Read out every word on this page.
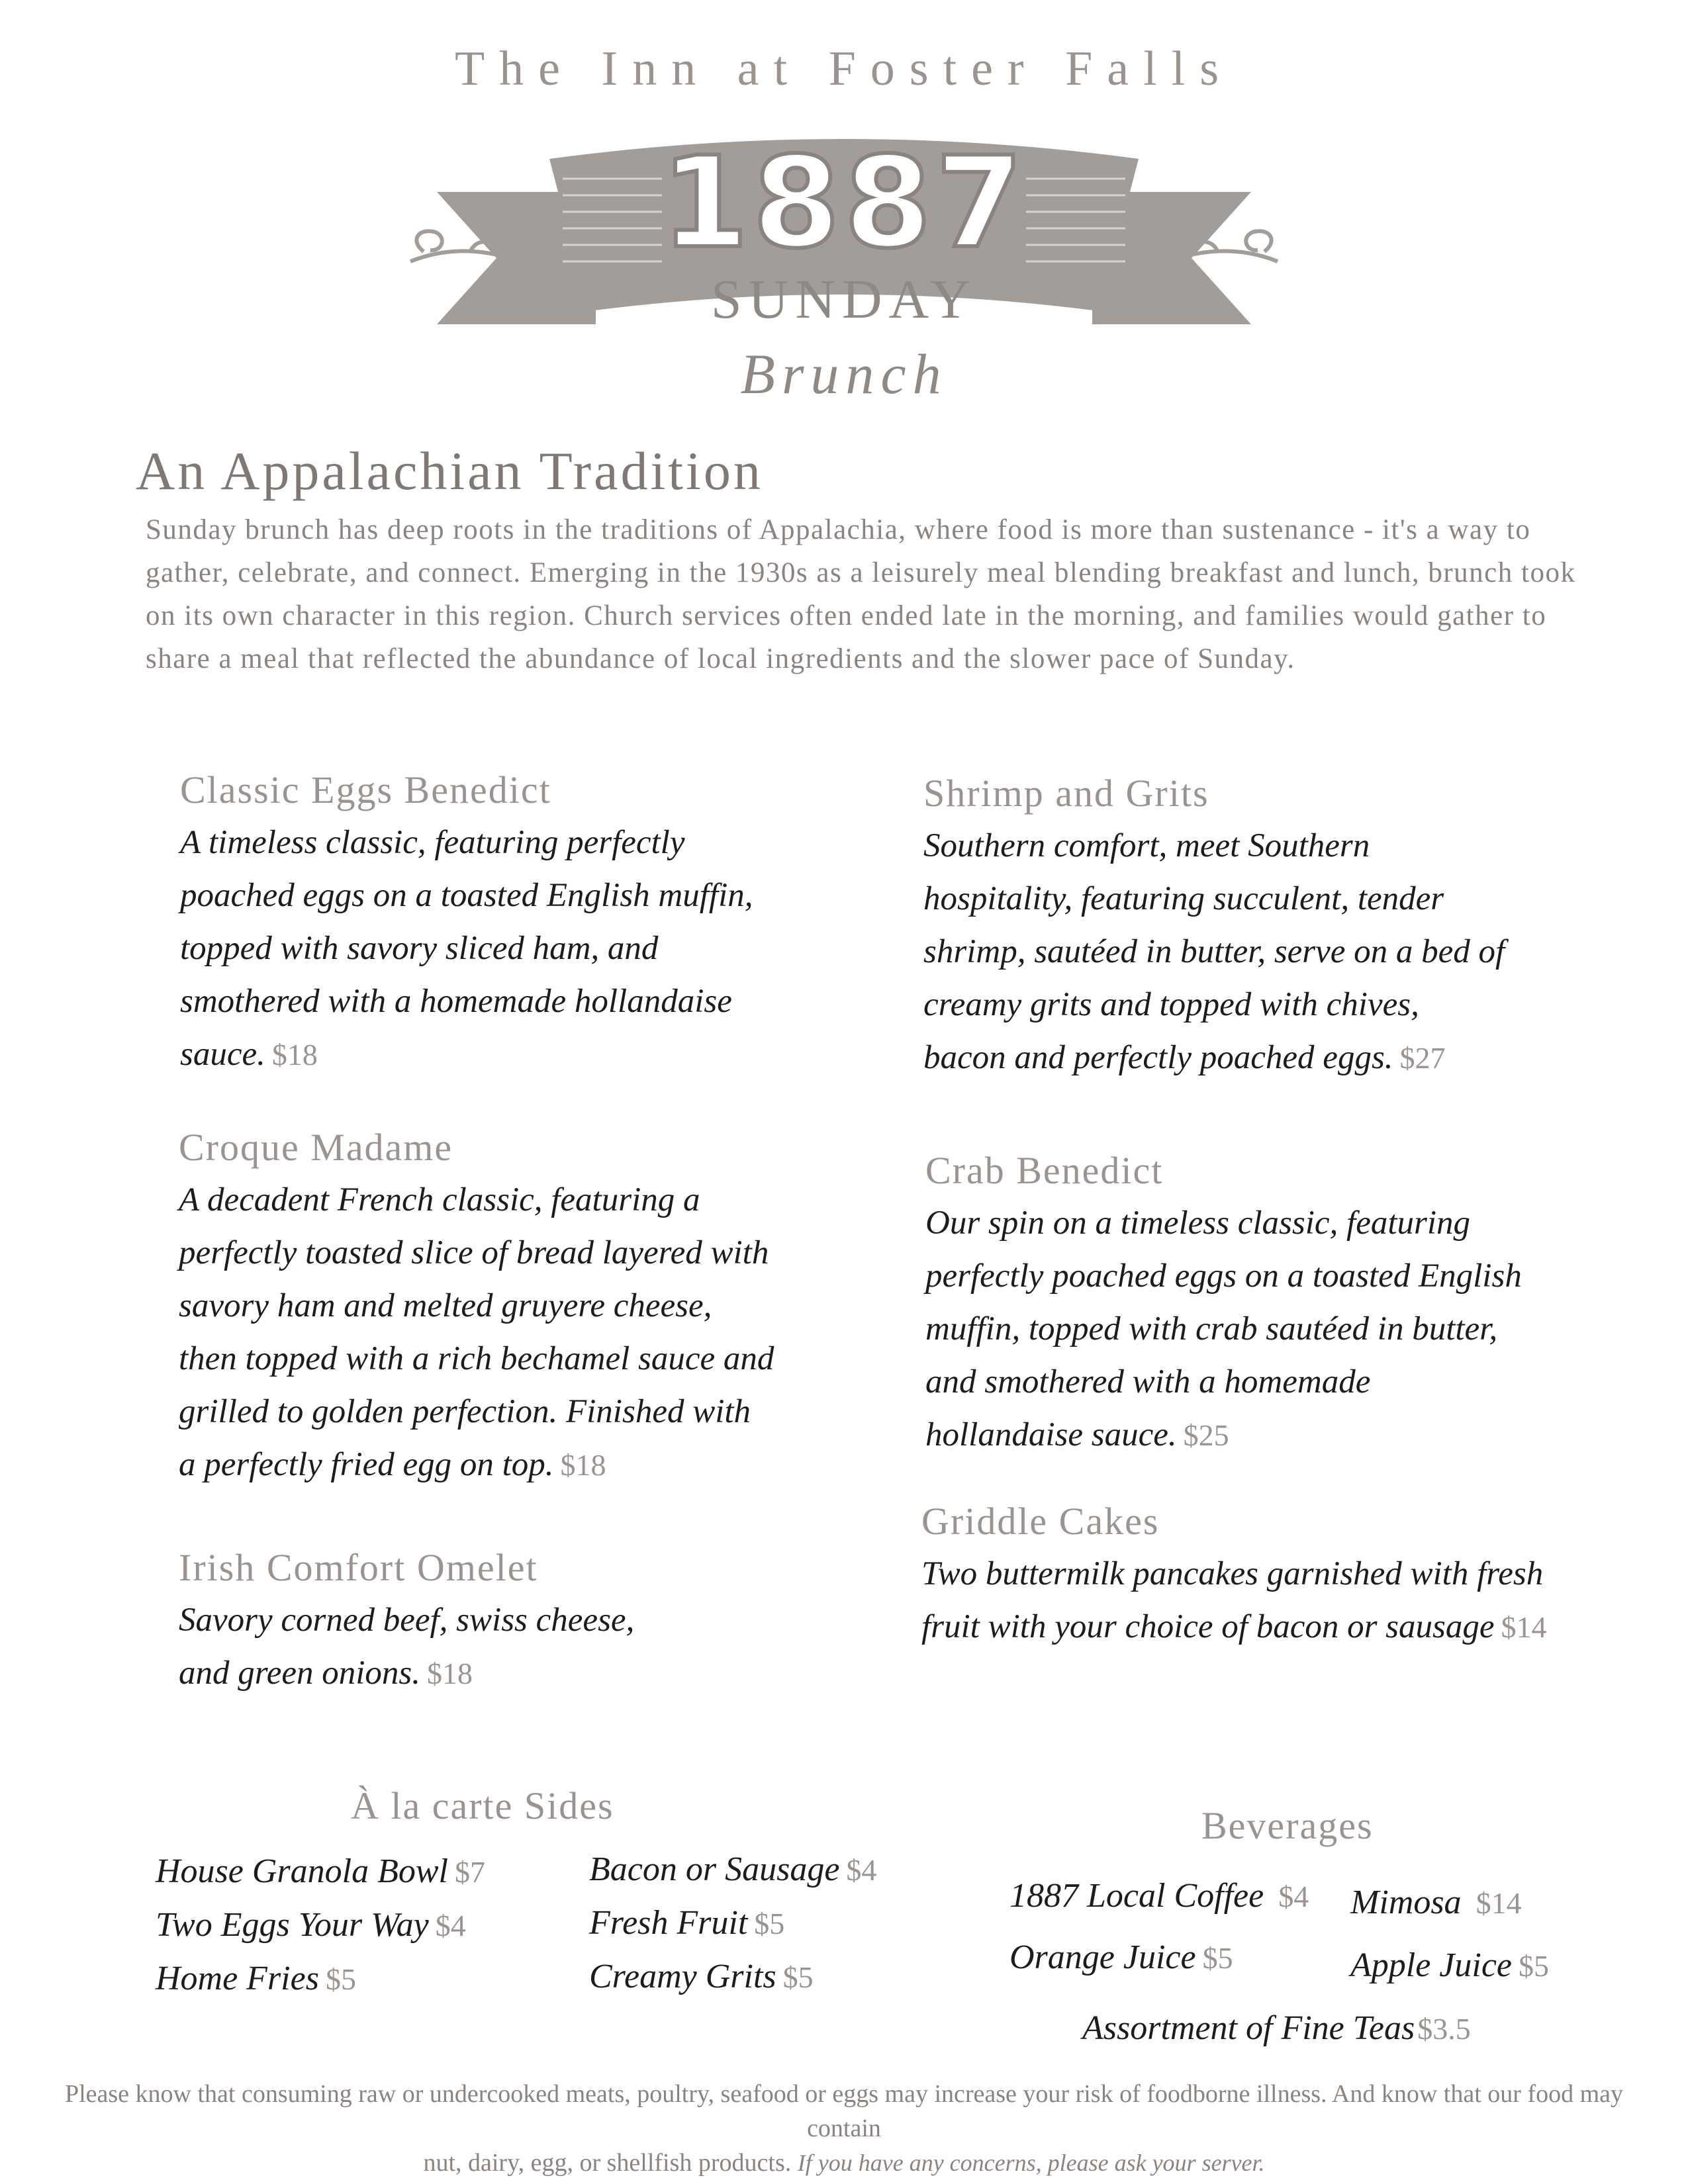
The Inn at Foster Falls
1887
SUNDAY
Brunch
An Appalachian Tradition
Sunday brunch has deep roots in the traditions of Appalachia, where food is more than sustenance - it's a way to gather, celebrate, and connect. Emerging in the 1930s as a leisurely meal blending breakfast and lunch, brunch took on its own character in this region. Church services often ended late in the morning, and families would gather to share a meal that reflected the abundance of local ingredients and the slower pace of Sunday.
Classic Eggs Benedict
A timeless classic, featuring perfectly poached eggs on a toasted English muffin, topped with savory sliced ham, and smothered with a homemade hollandaise sauce. $18
Croque Madame
A decadent French classic, featuring a perfectly toasted slice of bread layered with savory ham and melted gruyere cheese, then topped with a rich bechamel sauce and grilled to golden perfection. Finished with a perfectly fried egg on top. $18
Irish Comfort Omelet
Savory corned beef, swiss cheese, and green onions. $18
Shrimp and Grits
Southern comfort, meet Southern hospitality, featuring succulent, tender shrimp, sautéed in butter, serve on a bed of creamy grits and topped with chives, bacon and perfectly poached eggs. $27
Crab Benedict
Our spin on a timeless classic, featuring perfectly poached eggs on a toasted English muffin, topped with crab sautéed in butter, and smothered with a homemade hollandaise sauce. $25
Griddle Cakes
Two buttermilk pancakes garnished with fresh fruit with your choice of bacon or sausage $14
À la carte Sides
House Granola Bowl $7
Two Eggs Your Way $4
Home Fries $5
Bacon or Sausage $4
Fresh Fruit $5
Creamy Grits $5
Beverages
1887 Local Coffee $4 Mimosa $14
Orange Juice $5	Apple Juice $5
Assortment of Fine Teas$3.5
Please know that consuming raw or undercooked meats, poultry, seafood or eggs may increase your risk of foodborne illness. And know that our food may contain
nut, dairy, egg, or shellfish products. If you have any concerns, please ask your server.
